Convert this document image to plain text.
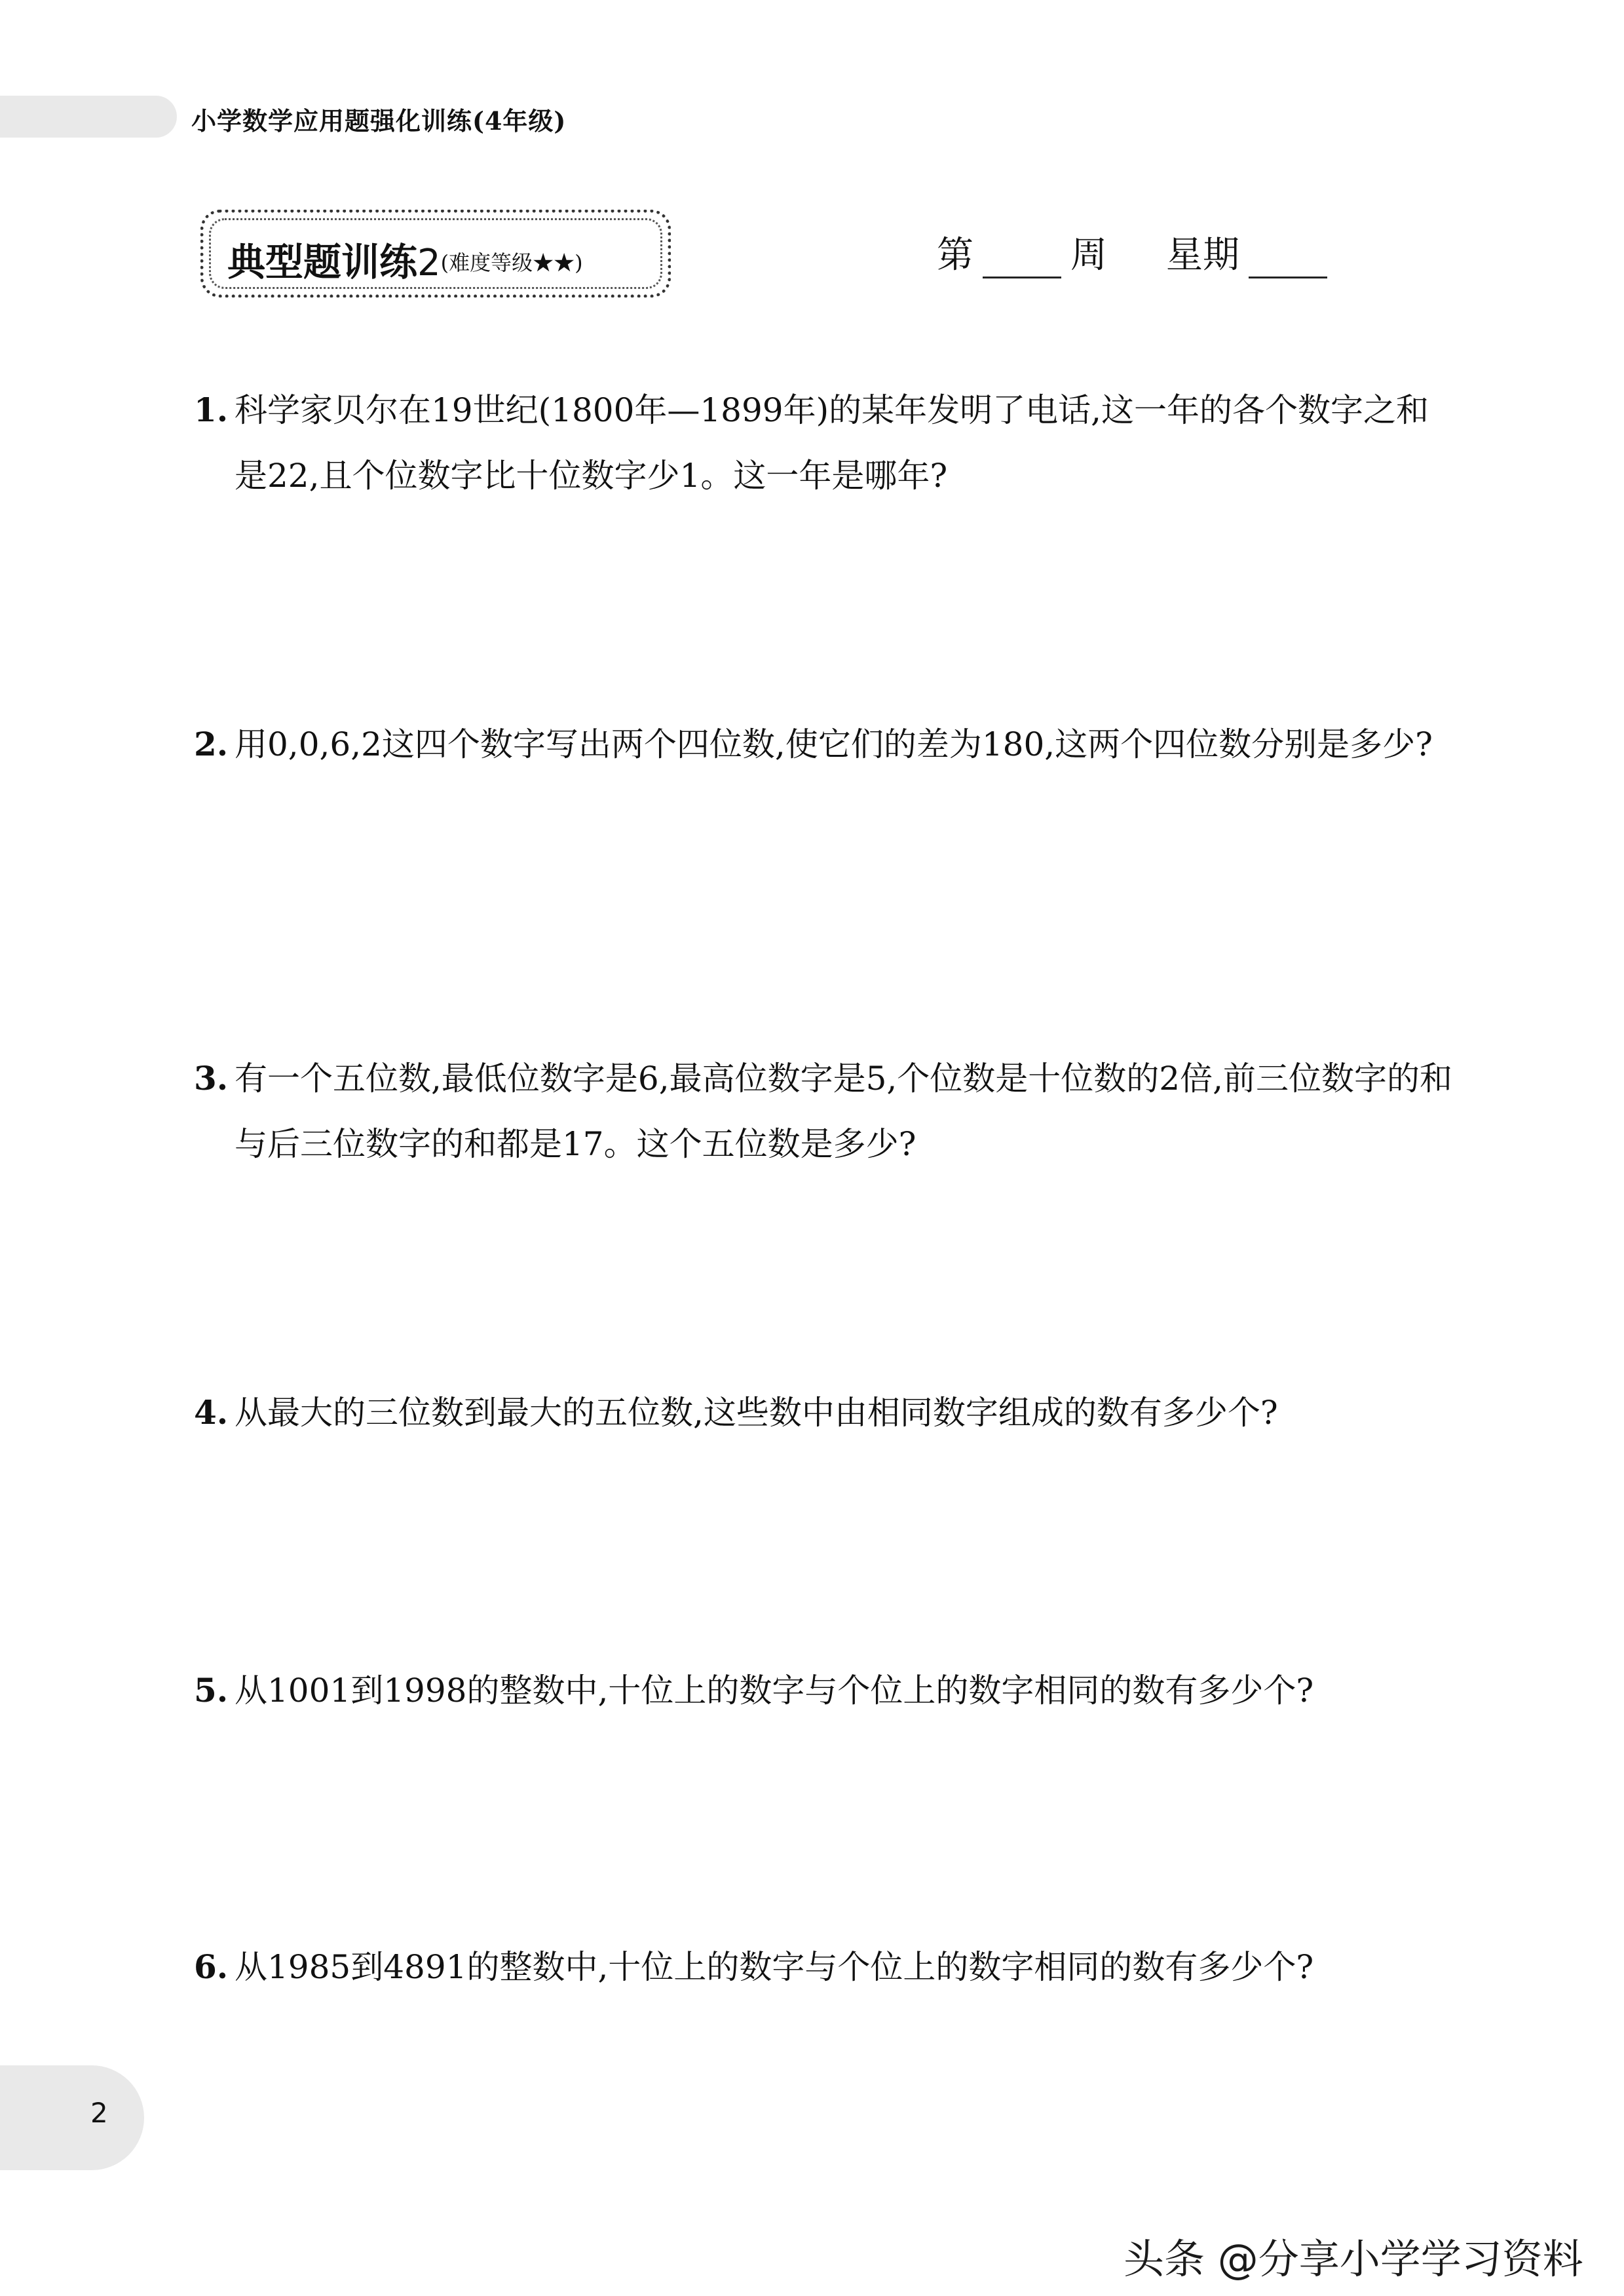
小学数学应用题强化训练(4年级)
典型题训练2(难度等级★★)	第	周 星期
1. 科学家贝尔在19世纪(1800年—1899年)的某年发明了电话,这一年的各个数字之和是22,且个位数字比十位数字少1。这一年是哪年?
2. 用0,0,6,2这四个数字写出两个四位数,使它们的差为180,这两个四位数分别是多少?
3. 有一个五位数,最低位数字是6,最高位数字是5,个位数是十位数的2倍,前三位数字的和与后三位数字的和都是17。这个五位数是多少?
4. 从最大的三位数到最大的五位数,这些数中由相同数字组成的数有多少个?
5. 从1001到1998的整数中,十位上的数字与个位上的数字相同的数有多少个?
6. 从1985到4891的整数中,十位上的数字与个位上的数字相同的数有多少个?
2
头条 @分享小学学习资料
